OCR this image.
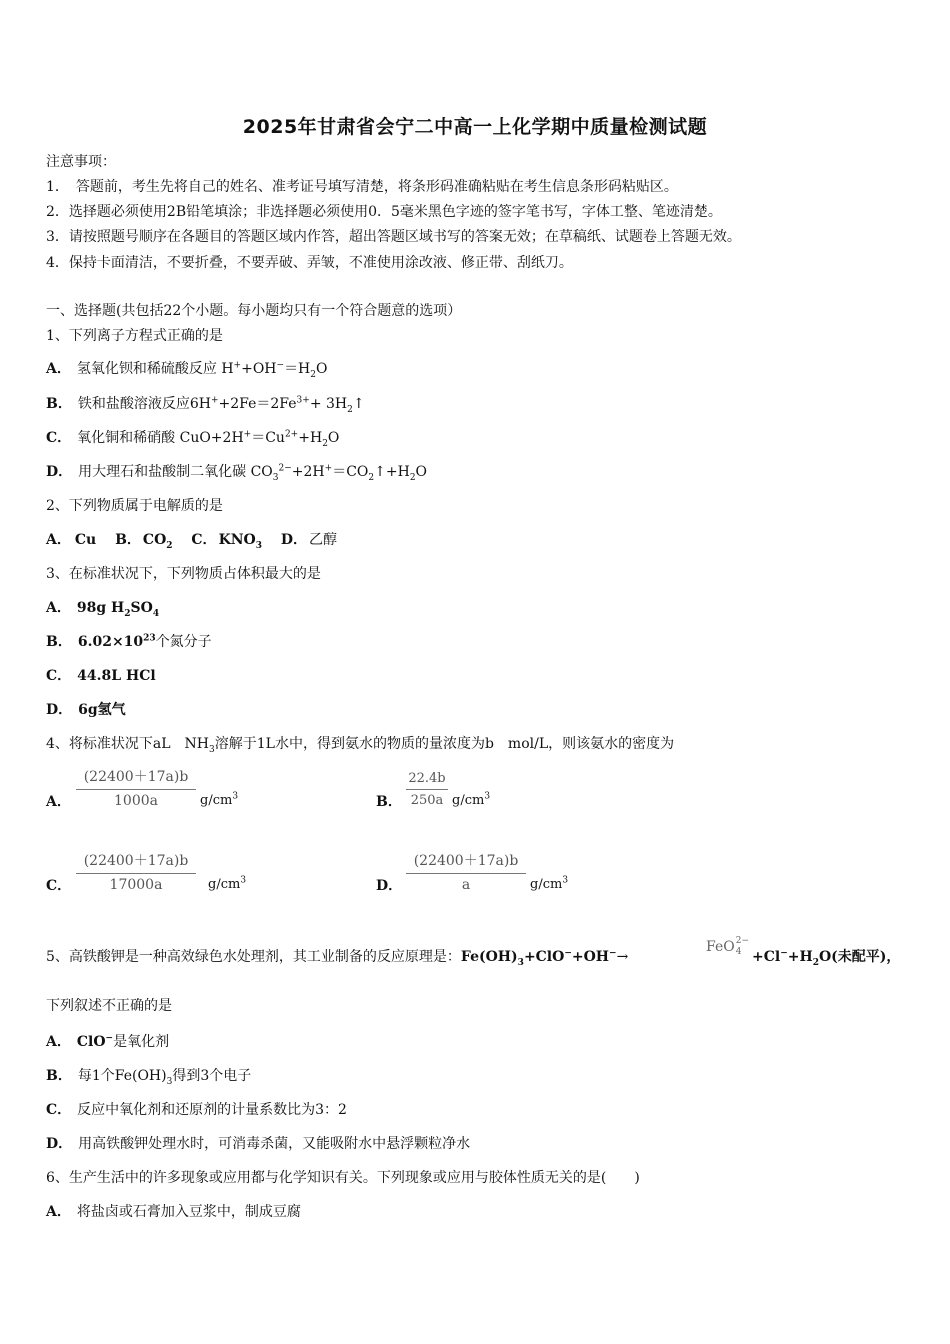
2025年甘肃省会宁二中高一上化学期中质量检测试题
注意事项：
1．　答题前，考生先将自己的姓名、准考证号填写清楚，将条形码准确粘贴在考生信息条形码粘贴区。
2．选择题必须使用2B铅笔填涂；非选择题必须使用0．5毫米黑色字迹的签字笔书写，字体工整、笔迹清楚。
3．请按照题号顺序在各题目的答题区域内作答，超出答题区域书写的答案无效；在草稿纸、试题卷上答题无效。
4．保持卡面清洁，不要折叠，不要弄破、弄皱，不准使用涂改液、修正带、刮纸刀。
一、选择题(共包括22个小题。每小题均只有一个符合题意的选项）
1、下列离子方程式正确的是
A． 氢氧化钡和稀硫酸反应 $H^++OH^-=H_2O$
B． 铁和盐酸溶液反应$6H^++2Fe=2Fe^{3+}+$ $3H_2↑$
C． 氧化铜和稀硝酸 $CuO+2H^+=Cu^{2+}+H_2O$
D． 用大理石和盐酸制二氧化碳 $CO_3^{2-}+2H^+=CO_2↑+H_2O$
2、下列物质属于电解质的是
A． Cu B． $CO_2$ C． $KNO_3$ D． 乙醇
3、在标准状况下，下列物质占体积最大的是
A． 98g $H_2SO_4$
B． $6.02\times 10^{23}$个氮分子
C． 44.8L HCl
D． 6g氢气
4、将标准状况下aL　$NH_3$溶解于1L水中，得到氨水的物质的量浓度为b　mol/L，则该氨水的密度为
A． $\frac{(22400+17a)b}{1000a} g/cm^3$	B． $\frac{22.4b}{250a} g/cm^3$
C． $\frac{(22400+17a)b}{17000a} g/cm^3$	D． $\frac{(22400+17a)b}{a} g/cm^3$
5、高铁酸钾是一种高效绿色水处理剂，其工业制备的反应原理是：$Fe(OH)_3+ClO^-+OH^-\to$
FeO 2−
$4 +Cl^-+H_2O$(未配平)，
下列叙述不正确的是
A． ClO−是氧化剂
B． 每1个$Fe(OH)_3$得到3个电子
C． 反应中氧化剂和还原剂的计量系数比为3：2
D． 用高铁酸钾处理水时，可消毒杀菌，又能吸附水中悬浮颗粒净水
6、生产生活中的许多现象或应用都与化学知识有关。下列现象或应用与胶体性质无关的是(　　)
A． 将盐卤或石膏加入豆浆中，制成豆腐
